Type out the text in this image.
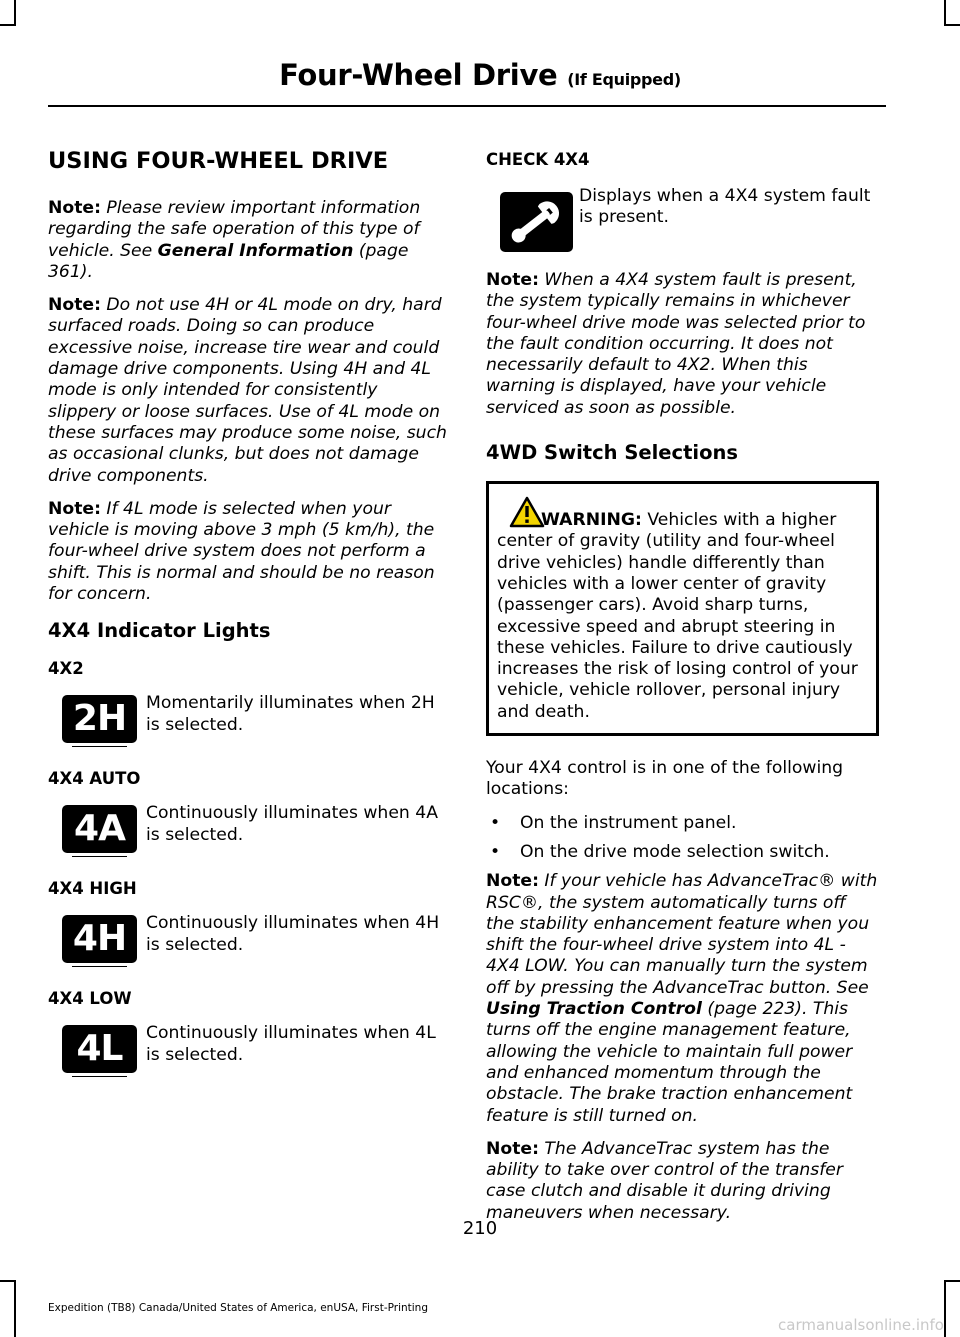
Four-Wheel Drive (If Equipped)
USING FOUR-WHEEL DRIVE

Note: Please review important information regarding the safe operation of this type of vehicle. See General Information (page 361).

Note: Do not use 4H or 4L mode on dry, hard surfaced roads. Doing so can produce excessive noise, increase tire wear and could damage drive components. Using 4H and 4L mode is only intended for consistently slippery or loose surfaces. Use of 4L mode on these surfaces may produce some noise, such as occasional clunks, but does not damage drive components.

Note: If 4L mode is selected when your vehicle is moving above 3 mph (5 km/h), the four-wheel drive system does not perform a shift. This is normal and should be no reason for concern.

4X4 Indicator Lights
4X2
2H	Momentarily illuminates when 2H is selected.
4X4 AUTO
4A	Continuously illuminates when 4A is selected.
4X4 HIGH
4H	Continuously illuminates when 4H is selected.
4X4 LOW
4L	Continuously illuminates when 4L is selected.
CHECK 4X4
Displays when a 4X4 system fault is present.

Note: When a 4X4 system fault is present, the system typically remains in whichever four-wheel drive mode was selected prior to the fault condition occurring. It does not necessarily default to 4X2. When this warning is displayed, have your vehicle serviced as soon as possible.

4WD Switch Selections
WARNING: Vehicles with a higher center of gravity (utility and four-wheel drive vehicles) handle differently than vehicles with a lower center of gravity (passenger cars). Avoid sharp turns, excessive speed and abrupt steering in these vehicles. Failure to drive cautiously increases the risk of losing control of your vehicle, vehicle rollover, personal injury and death.

Your 4X4 control is in one of the following locations:

• On the instrument panel.
• On the drive mode selection switch.

Note: If your vehicle has AdvanceTrac® with RSC®, the system automatically turns off the stability enhancement feature when you shift the four-wheel drive system into 4L - 4X4 LOW. You can manually turn the system off by pressing the AdvanceTrac button. See Using Traction Control (page 223). This turns off the engine management feature, allowing the vehicle to maintain full power and enhanced momentum through the obstacle. The brake traction enhancement feature is still turned on.

Note: The AdvanceTrac system has the ability to take over control of the transfer case clutch and disable it during driving maneuvers when necessary.

210
Expedition (TB8) Canada/United States of America, enUSA, First-Printing
carmanualsonline.info
